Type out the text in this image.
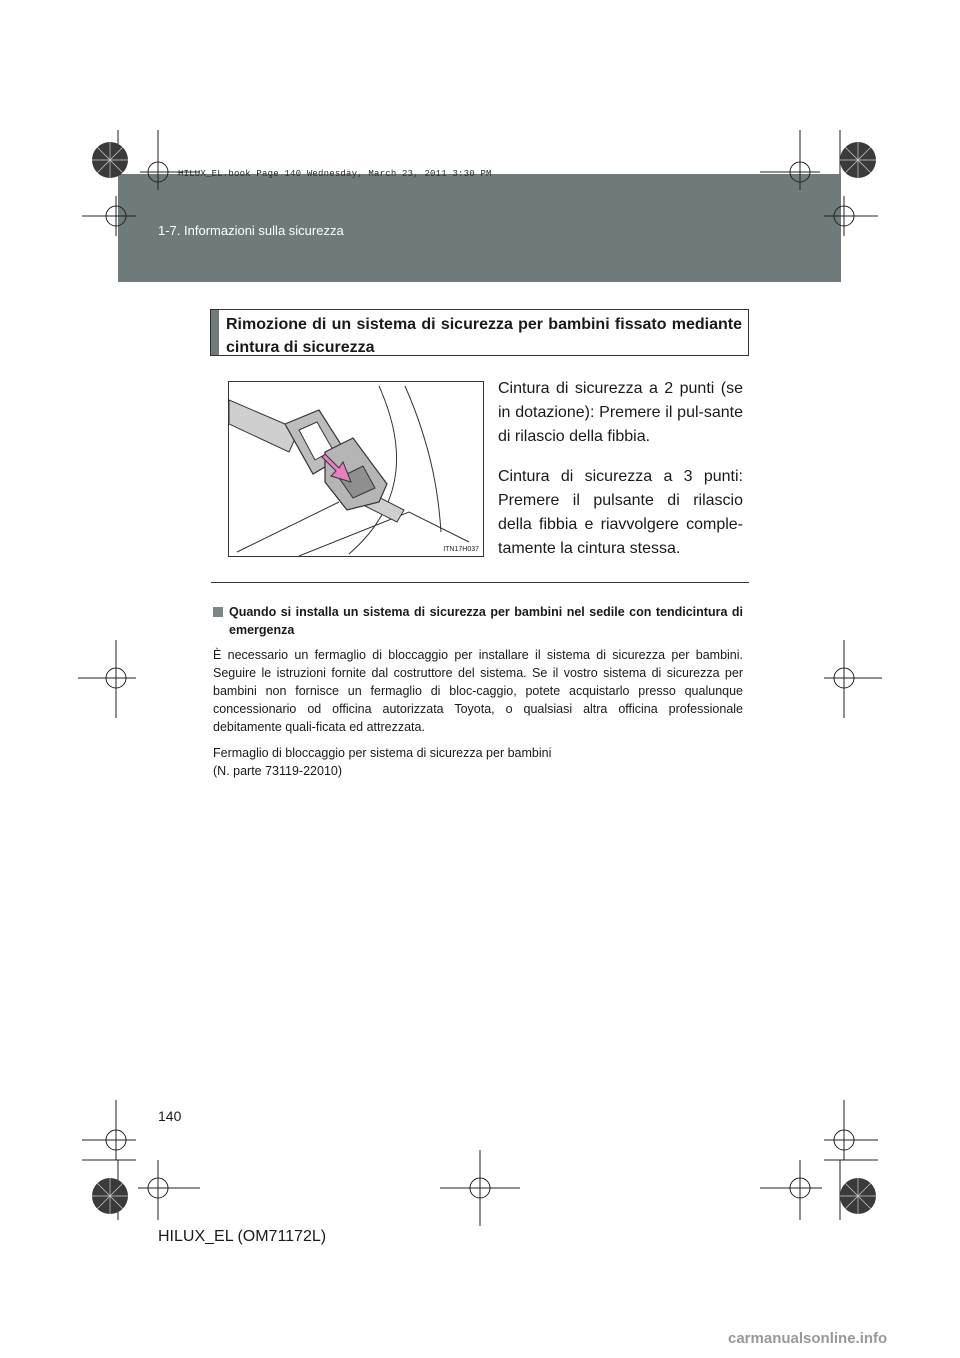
HILUX_EL.book Page 140 Wednesday, March 23, 2011 3:30 PM
1-7. Informazioni sulla sicurezza
Rimozione di un sistema di sicurezza per bambini fissato mediante cintura di sicurezza
ITN17H037
Cintura di sicurezza a 2 punti (se in dotazione): Premere il pul-sante di rilascio della fibbia.
Cintura di sicurezza a 3 punti: Premere il pulsante di rilascio della fibbia e riavvolgere comple-tamente la cintura stessa.
Quando si installa un sistema di sicurezza per bambini nel sedile con tendicintura di emergenza

È necessario un fermaglio di bloccaggio per installare il sistema di sicurezza per bambini. Seguire le istruzioni fornite dal costruttore del sistema. Se il vostro sistema di sicurezza per bambini non fornisce un fermaglio di bloc-caggio, potete acquistarlo presso qualunque concessionario od officina autorizzata Toyota, o qualsiasi altra officina professionale debitamente quali-ficata ed attrezzata.

Fermaglio di bloccaggio per sistema di sicurezza per bambini

(N. parte 73119-22010)

140
HILUX_EL (OM71172L)
carmanualsonline.info
